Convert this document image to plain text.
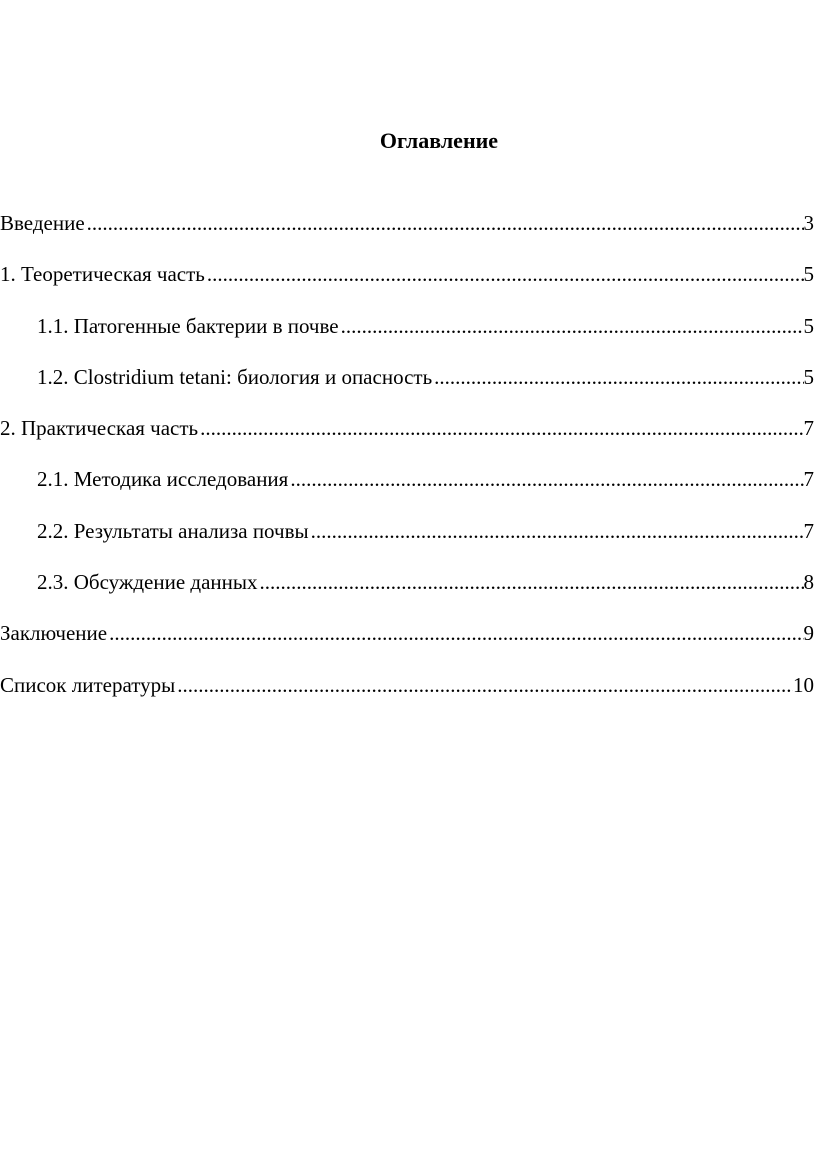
Оглавление
Введение .....	3
1. Теоретическая часть .....	5
1.1. Патогенные бактерии в почве .....	5
1.2. Clostridium tetani: биология и опасность .....	5
2. Практическая часть .....	7
2.1. Методика исследования .....	7
2.2. Результаты анализа почвы .....	7
2.3. Обсуждение данных .....	8
Заключение .....	9
Список литературы .....	10
